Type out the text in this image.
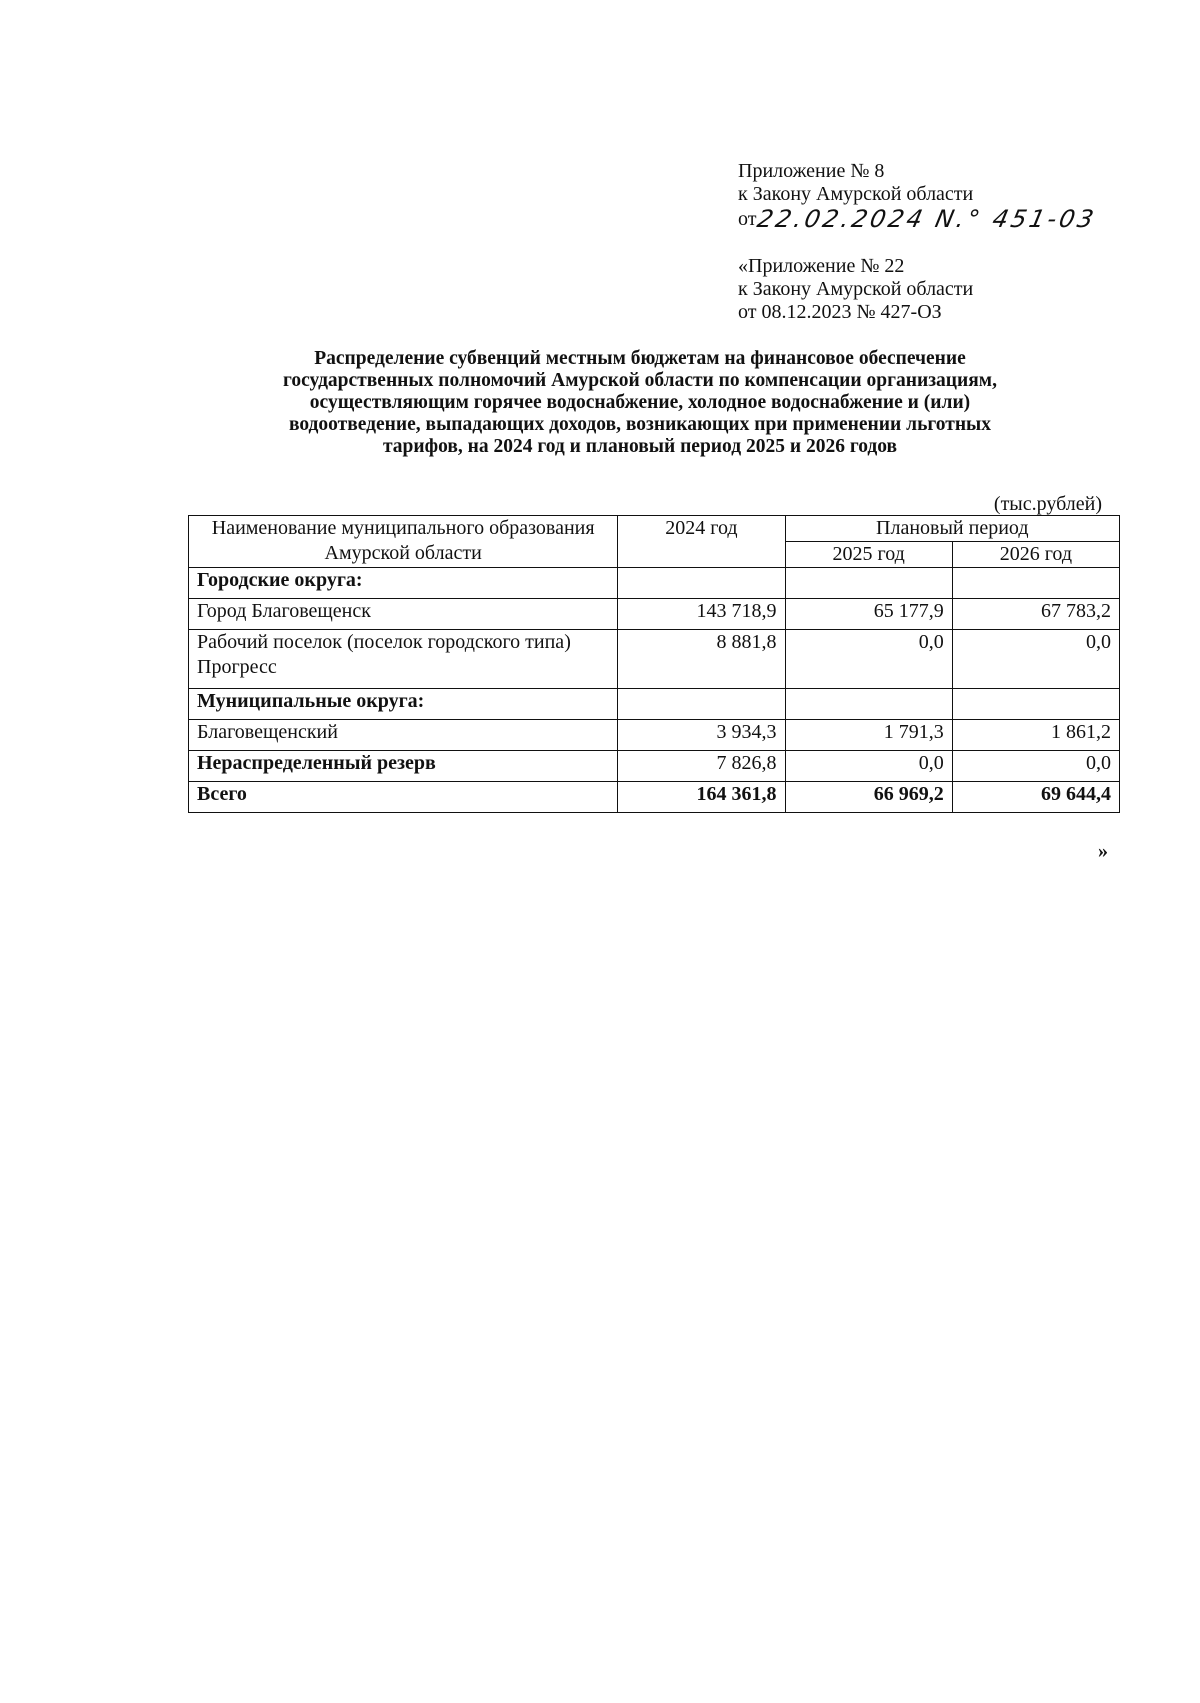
Приложение № 8
к Закону Амурской области
от22.02.2024 N.° 451-03
«Приложение № 22
к Закону Амурской области
от 08.12.2023 № 427-ОЗ
Распределение субвенций местным бюджетам на финансовое обеспечение
государственных полномочий Амурской области по компенсации организациям,
осуществляющим горячее водоснабжение, холодное водоснабжение и (или)
водоотведение, выпадающих доходов, возникающих при применении льготных
тарифов, на 2024 год и плановый период 2025 и 2026 годов
(тыс.рублей)
Наименование муниципального образования Амурской области	2024 год	Плановый период	
		2025 год	2026 год
Городские округа:			
Город Благовещенск	143 718,9	65 177,9	67 783,2
Рабочий поселок (поселок городского типа) Прогресс	8 881,8	0,0	0,0
Муниципальные округа:			
Благовещенский	3 934,3	1 791,3	1 861,2
Нераспределенный резерв	7 826,8	0,0	0,0
Всего	164 361,8	66 969,2	69 644,4
»
